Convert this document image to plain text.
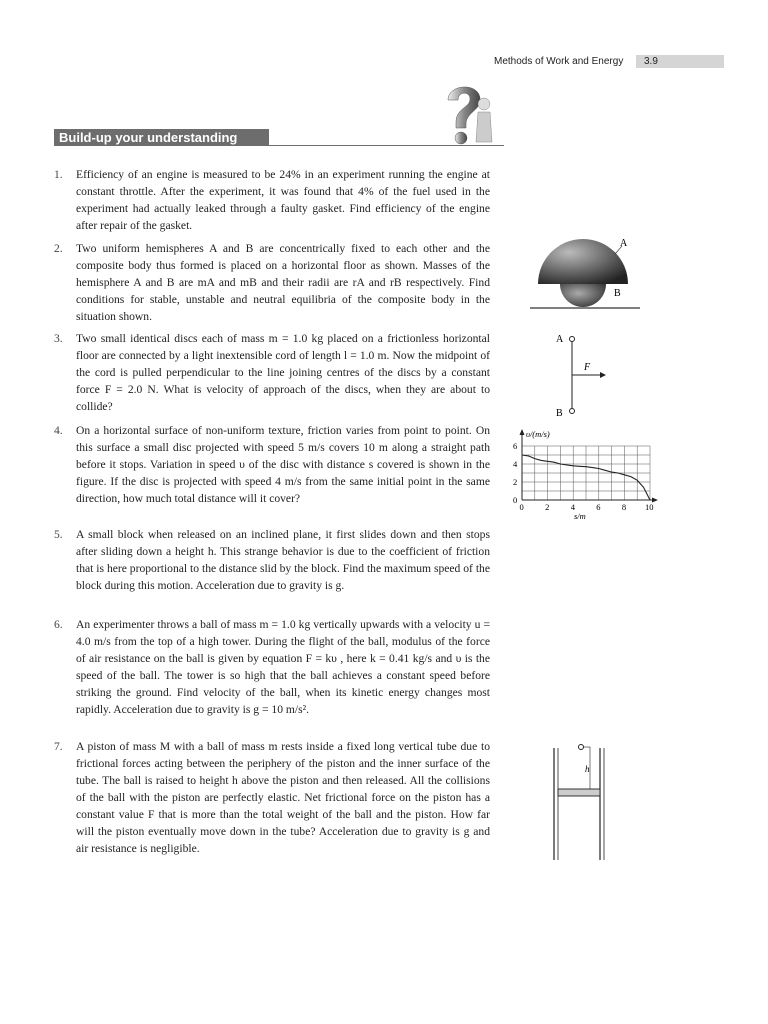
Methods of Work and Energy	3.9
Build-up your understanding
1.	Efficiency of an engine is measured to be 24% in an experiment running the engine at constant throttle. After the experiment, it was found that 4% of the fuel used in the experiment had actually leaked through a faulty gasket. Find efficiency of the engine after repair of the gasket.
2.	Two uniform hemispheres A and B are concentrically fixed to each other and the composite body thus formed is placed on a horizontal floor as shown. Masses of the hemisphere A and B are mA and mB and their radii are rA and rB respectively. Find conditions for stable, unstable and neutral equilibria of the composite body in the situation shown.
A
B
3.	Two small identical discs each of mass m = 1.0 kg placed on a frictionless horizontal floor are connected by a light inextensible cord of length l = 1.0 m. Now the midpoint of the cord is pulled perpendicular to the line joining centres of the discs by a constant force F = 2.0 N. What is velocity of approach of the discs, when they are about to collide?
A
B
F
4.	On a horizontal surface of non-uniform texture, friction varies from point to point. On this surface a small disc projected with speed 5 m/s covers 10 m along a straight path before it stops. Variation in speed υ of the disc with distance s covered is shown in the figure. If the disc is projected with speed 4 m/s from the same initial point in the same direction, how much total distance will it cover?
0	2	4	6	8 10
0
2
4
6
υ/(m/s)
s/m
5.	A small block when released on an inclined plane, it first slides down and then stops after sliding down a height h. This strange behavior is due to the coefficient of friction that is here proportional to the distance slid by the block. Find the maximum speed of the block during this motion. Acceleration due to gravity is g.
6.	An experimenter throws a ball of mass m = 1.0 kg vertically upwards with a velocity u = 4.0 m/s from the top of a high tower. During the flight of the ball, modulus of the force of air resistance on the ball is given by equation F = kυ , here k = 0.41 kg/s and υ is the speed of the ball. The tower is so high that the ball achieves a constant speed before striking the ground. Find velocity of the ball, when its kinetic energy changes most rapidly. Acceleration due to gravity is g = 10 m/s².
7.	A piston of mass M with a ball of mass m rests inside a fixed long vertical tube due to frictional forces acting between the periphery of the piston and the inner surface of the tube. The ball is raised to height h above the piston and then released. All the collisions of the ball with the piston are perfectly elastic. Net frictional force on the piston has a constant value F that is more than the total weight of the ball and the piston. How far will the piston eventually move down in the tube? Acceleration due to gravity is g and air resistance is negligible.
h
